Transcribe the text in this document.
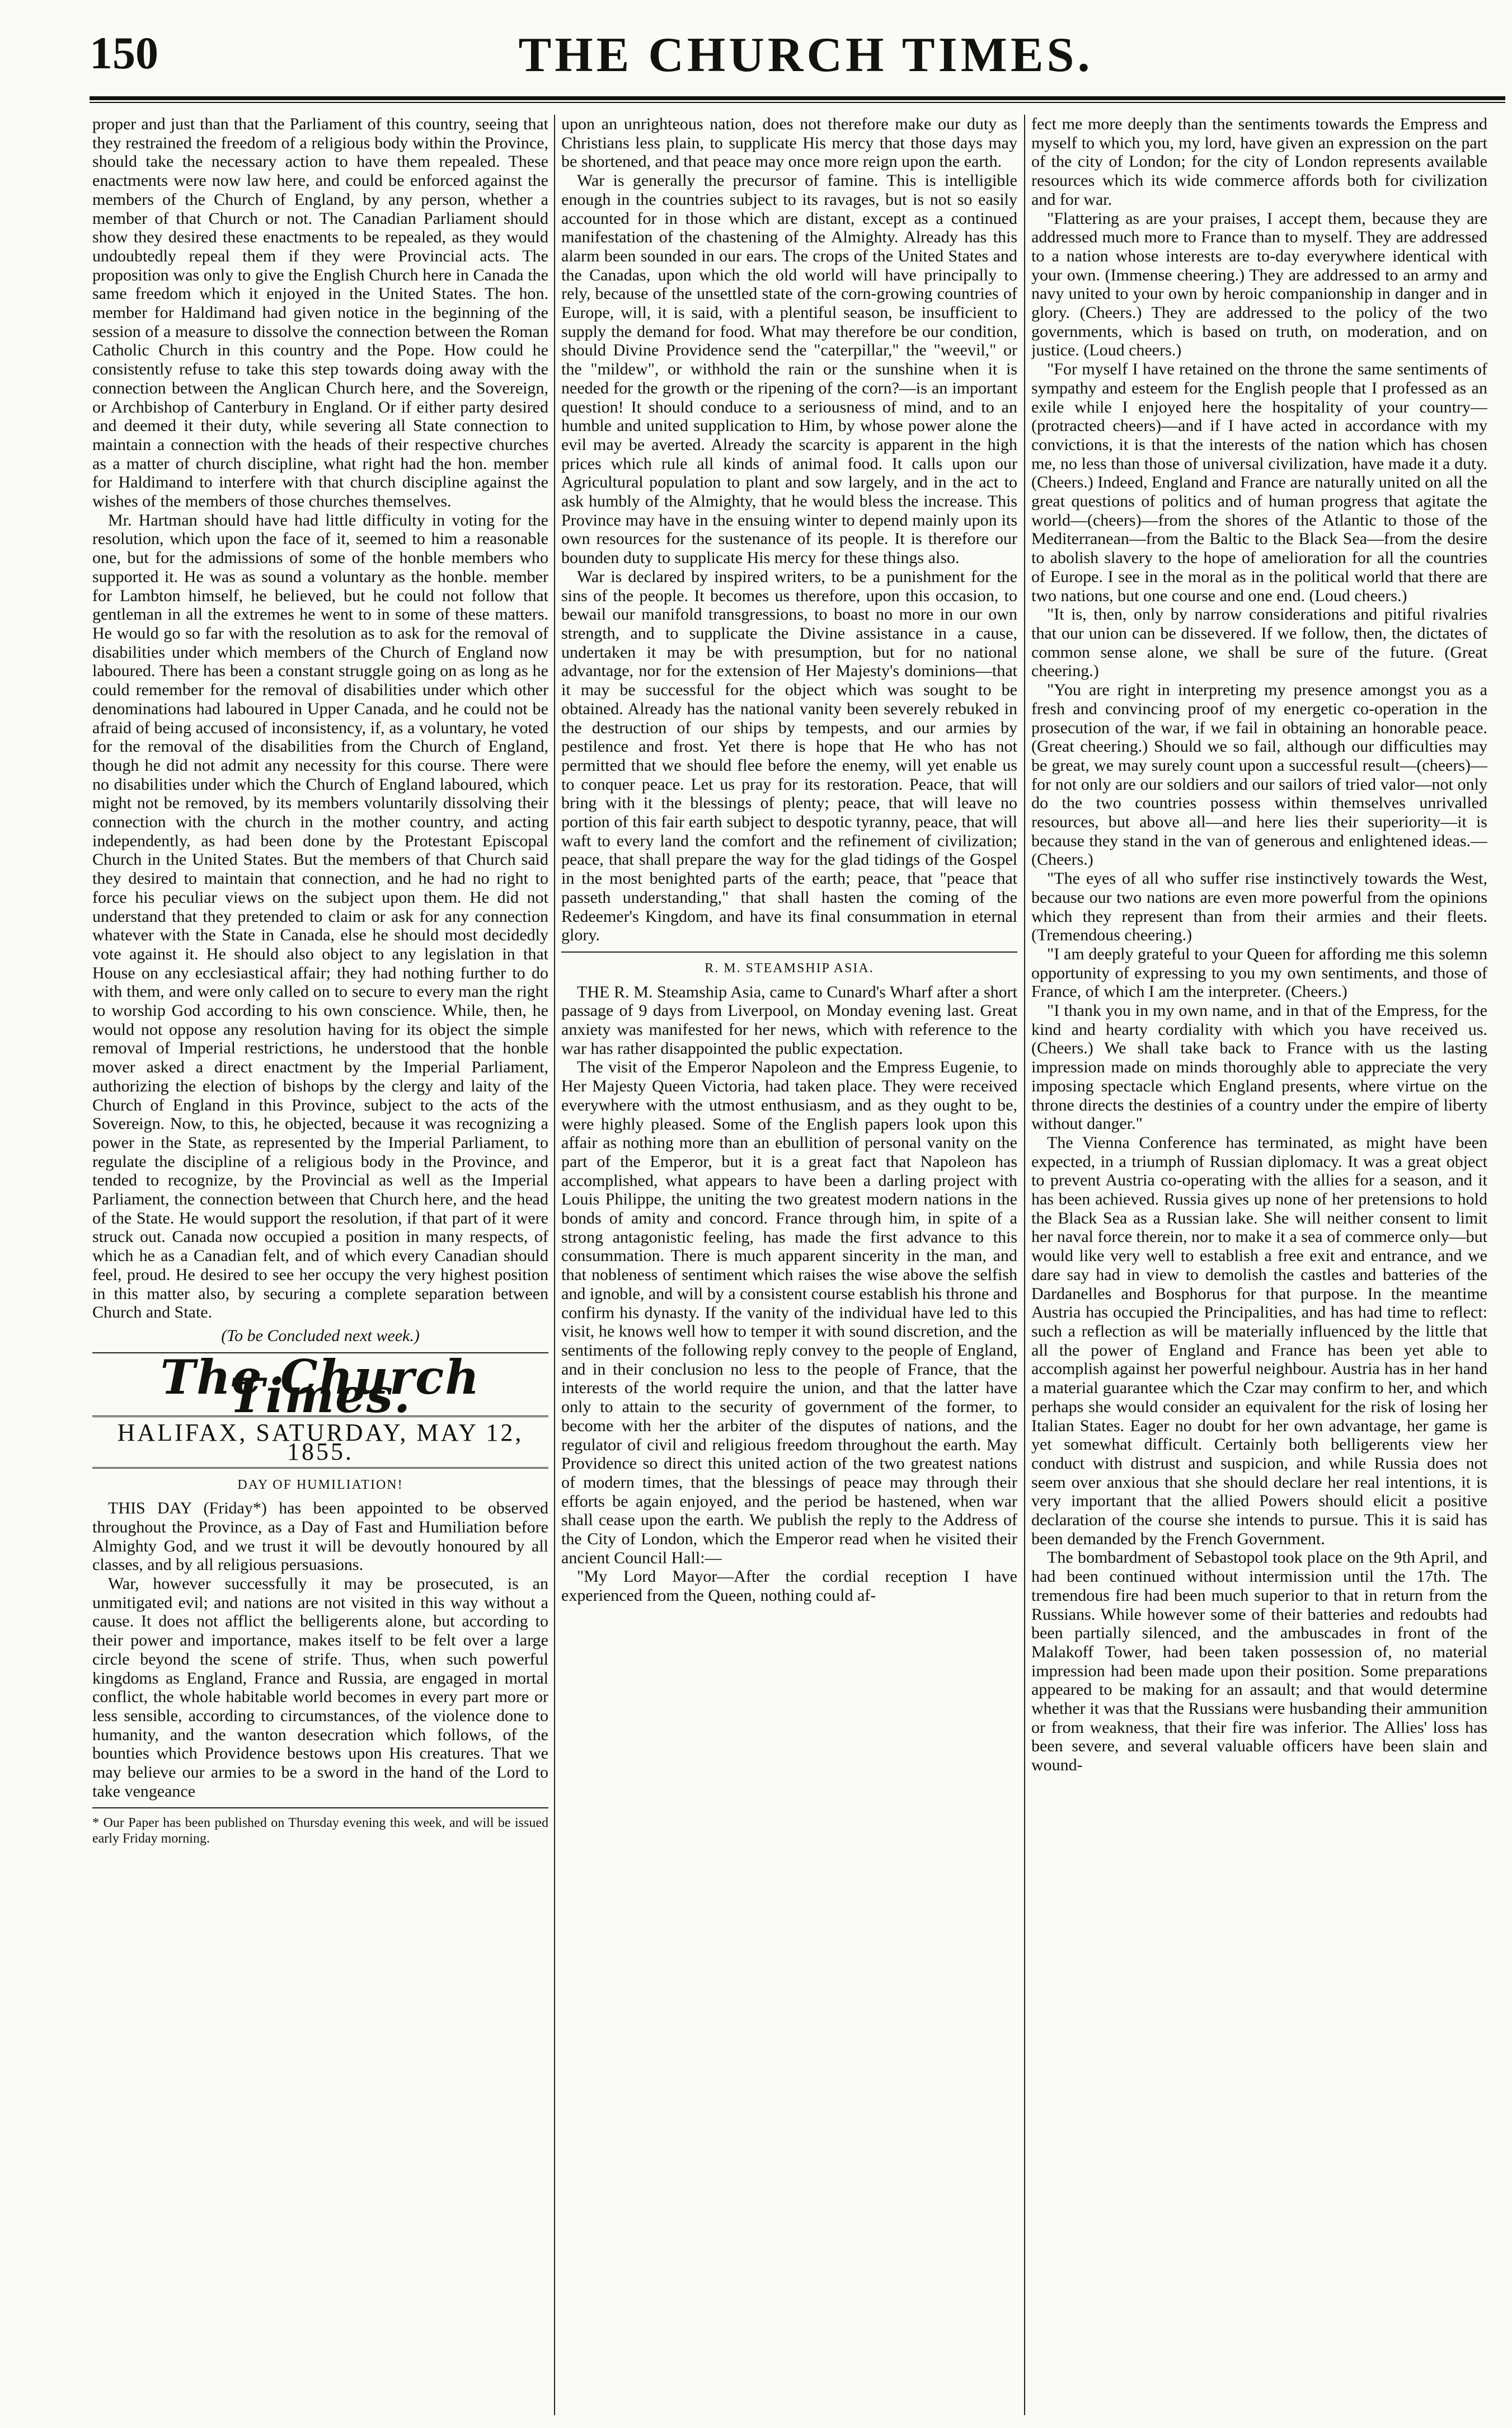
THE CHURCH TIMES.
150

proper and just than that the Parliament of this country, seeing that they restrained the freedom of a religious body within the Province, should take the necessary action to have them repealed. These enactments were now law here, and could be enforced against the members of the Church of England, by any person, whether a member of that Church or not. The Canadian Parliament should show they desired these enactments to be repealed, as they would undoubtedly repeal them if they were Provincial acts. The proposition was only to give the English Church here in Canada the same freedom which it enjoyed in the United States. The hon. member for Haldimand had given notice in the beginning of the session of a measure to dissolve the connection between the Roman Catholic Church in this country and the Pope. How could he consistently refuse to take this step towards doing away with the connection between the Anglican Church here, and the Sovereign, or Archbishop of Canterbury in England. Or if either party desired and deemed it their duty, while severing all State connection to maintain a connection with the heads of their respective churches as a matter of church discipline, what right had the hon. member for Haldimand to interfere with that church discipline against the wishes of the members of those churches themselves.

Mr. Hartman should have had little difficulty in voting for the resolution, which upon the face of it, seemed to him a reasonable one, but for the admissions of some of the honble members who supported it. He was as sound a voluntary as the honble. member for Lambton himself, he believed, but he could not follow that gentleman in all the extremes he went to in some of these matters. He would go so far with the resolution as to ask for the removal of disabilities under which members of the Church of England now laboured. There has been a constant struggle going on as long as he could remember for the removal of disabilities under which other denominations had laboured in Upper Canada, and he could not be afraid of being accused of inconsistency, if, as a voluntary, he voted for the removal of the disabilities from the Church of England, though he did not admit any necessity for this course. There were no disabilities under which the Church of England laboured, which might not be removed, by its members voluntarily dissolving their connection with the church in the mother country, and acting independently, as had been done by the Protestant Episcopal Church in the United States. But the members of that Church said they desired to maintain that connection, and he had no right to force his peculiar views on the subject upon them. He did not understand that they pretended to claim or ask for any connection whatever with the State in Canada, else he should most decidedly vote against it. He should also object to any legislation in that House on any ecclesiastical affair; they had nothing further to do with them, and were only called on to secure to every man the right to worship God according to his own conscience. While, then, he would not oppose any resolution having for its object the simple removal of Imperial restrictions, he understood that the honble mover asked a direct enactment by the Imperial Parliament, authorizing the election of bishops by the clergy and laity of the Church of England in this Province, subject to the acts of the Sovereign. Now, to this, he objected, because it was recognizing a power in the State, as represented by the Imperial Parliament, to regulate the discipline of a religious body in the Province, and tended to recognize, by the Provincial as well as the Imperial Parliament, the connection between that Church here, and the head of the State. He would support the resolution, if that part of it were struck out. Canada now occupied a position in many respects, of which he as a Canadian felt, and of which every Canadian should feel, proud. He desired to see her occupy the very highest position in this matter also, by securing a complete separation between Church and State.

(To be Concluded next week.)
The Church Times.
HALIFAX, SATURDAY, MAY 12, 1855.
DAY OF HUMILIATION!

THIS DAY (Friday*) has been appointed to be observed throughout the Province, as a Day of Fast and Humiliation before Almighty God, and we trust it will be devoutly honoured by all classes, and by all religious persuasions.

War, however successfully it may be prosecuted, is an unmitigated evil; and nations are not visited in this way without a cause. It does not afflict the belligerents alone, but according to their power and importance, makes itself to be felt over a large circle beyond the scene of strife. Thus, when such powerful kingdoms as England, France and Russia, are engaged in mortal conflict, the whole habitable world becomes in every part more or less sensible, according to circumstances, of the violence done to humanity, and the wanton desecration which follows, of the bounties which Providence bestows upon His creatures. That we may believe our armies to be a sword in the hand of the Lord to take vengeance

* Our Paper has been published on Thursday evening this week, and will be issued early Friday morning.

upon an unrighteous nation, does not therefore make our duty as Christians less plain, to supplicate His mercy that those days may be shortened, and that peace may once more reign upon the earth.

War is generally the precursor of famine. This is intelligible enough in the countries subject to its ravages, but is not so easily accounted for in those which are distant, except as a continued manifestation of the chastening of the Almighty. Already has this alarm been sounded in our ears. The crops of the United States and the Canadas, upon which the old world will have principally to rely, because of the unsettled state of the corn-growing countries of Europe, will, it is said, with a plentiful season, be insufficient to supply the demand for food. What may therefore be our condition, should Divine Providence send the "caterpillar," the "weevil," or the "mildew", or withhold the rain or the sunshine when it is needed for the growth or the ripening of the corn?—is an important question! It should conduce to a seriousness of mind, and to an humble and united supplication to Him, by whose power alone the evil may be averted. Already the scarcity is apparent in the high prices which rule all kinds of animal food. It calls upon our Agricultural population to plant and sow largely, and in the act to ask humbly of the Almighty, that he would bless the increase. This Province may have in the ensuing winter to depend mainly upon its own resources for the sustenance of its people. It is therefore our bounden duty to supplicate His mercy for these things also.

War is declared by inspired writers, to be a punishment for the sins of the people. It becomes us therefore, upon this occasion, to bewail our manifold transgressions, to boast no more in our own strength, and to supplicate the Divine assistance in a cause, undertaken it may be with presumption, but for no national advantage, nor for the extension of Her Majesty's dominions—that it may be successful for the object which was sought to be obtained. Already has the national vanity been severely rebuked in the destruction of our ships by tempests, and our armies by pestilence and frost. Yet there is hope that He who has not permitted that we should flee before the enemy, will yet enable us to conquer peace. Let us pray for its restoration. Peace, that will bring with it the blessings of plenty; peace, that will leave no portion of this fair earth subject to despotic tyranny, peace, that will waft to every land the comfort and the refinement of civilization; peace, that shall prepare the way for the glad tidings of the Gospel in the most benighted parts of the earth; peace, that "peace that passeth understanding," that shall hasten the coming of the Redeemer's Kingdom, and have its final consummation in eternal glory.

R. M. STEAMSHIP ASIA.

THE R. M. Steamship Asia, came to Cunard's Wharf after a short passage of 9 days from Liverpool, on Monday evening last. Great anxiety was manifested for her news, which with reference to the war has rather disappointed the public expectation.

The visit of the Emperor Napoleon and the Empress Eugenie, to Her Majesty Queen Victoria, had taken place. They were received everywhere with the utmost enthusiasm, and as they ought to be, were highly pleased. Some of the English papers look upon this affair as nothing more than an ebullition of personal vanity on the part of the Emperor, but it is a great fact that Napoleon has accomplished, what appears to have been a darling project with Louis Philippe, the uniting the two greatest modern nations in the bonds of amity and concord. France through him, in spite of a strong antagonistic feeling, has made the first advance to this consummation. There is much apparent sincerity in the man, and that nobleness of sentiment which raises the wise above the selfish and ignoble, and will by a consistent course establish his throne and confirm his dynasty. If the vanity of the individual have led to this visit, he knows well how to temper it with sound discretion, and the sentiments of the following reply convey to the people of England, and in their conclusion no less to the people of France, that the interests of the world require the union, and that the latter have only to attain to the security of government of the former, to become with her the arbiter of the disputes of nations, and the regulator of civil and religious freedom throughout the earth. May Providence so direct this united action of the two greatest nations of modern times, that the blessings of peace may through their efforts be again enjoyed, and the period be hastened, when war shall cease upon the earth. We publish the reply to the Address of the City of London, which the Emperor read when he visited their ancient Council Hall:—

"My Lord Mayor—After the cordial reception I have experienced from the Queen, nothing could af-

fect me more deeply than the sentiments towards the Empress and myself to which you, my lord, have given an expression on the part of the city of London; for the city of London represents available resources which its wide commerce affords both for civilization and for war.

"Flattering as are your praises, I accept them, because they are addressed much more to France than to myself. They are addressed to a nation whose interests are to-day everywhere identical with your own. (Immense cheering.) They are addressed to an army and navy united to your own by heroic companionship in danger and in glory. (Cheers.) They are addressed to the policy of the two governments, which is based on truth, on moderation, and on justice. (Loud cheers.)

"For myself I have retained on the throne the same sentiments of sympathy and esteem for the English people that I professed as an exile while I enjoyed here the hospitality of your country—(protracted cheers)—and if I have acted in accordance with my convictions, it is that the interests of the nation which has chosen me, no less than those of universal civilization, have made it a duty. (Cheers.) Indeed, England and France are naturally united on all the great questions of politics and of human progress that agitate the world—(cheers)—from the shores of the Atlantic to those of the Mediterranean—from the Baltic to the Black Sea—from the desire to abolish slavery to the hope of amelioration for all the countries of Europe. I see in the moral as in the political world that there are two nations, but one course and one end. (Loud cheers.)

"It is, then, only by narrow considerations and pitiful rivalries that our union can be dissevered. If we follow, then, the dictates of common sense alone, we shall be sure of the future. (Great cheering.)

"You are right in interpreting my presence amongst you as a fresh and convincing proof of my energetic co-operation in the prosecution of the war, if we fail in obtaining an honorable peace. (Great cheering.) Should we so fail, although our difficulties may be great, we may surely count upon a successful result—(cheers)—for not only are our soldiers and our sailors of tried valor—not only do the two countries possess within themselves unrivalled resources, but above all—and here lies their superiority—it is because they stand in the van of generous and enlightened ideas.—(Cheers.)

"The eyes of all who suffer rise instinctively towards the West, because our two nations are even more powerful from the opinions which they represent than from their armies and their fleets. (Tremendous cheering.)

"I am deeply grateful to your Queen for affording me this solemn opportunity of expressing to you my own sentiments, and those of France, of which I am the interpreter. (Cheers.)

"I thank you in my own name, and in that of the Empress, for the kind and hearty cordiality with which you have received us. (Cheers.) We shall take back to France with us the lasting impression made on minds thoroughly able to appreciate the very imposing spectacle which England presents, where virtue on the throne directs the destinies of a country under the empire of liberty without danger."

The Vienna Conference has terminated, as might have been expected, in a triumph of Russian diplomacy. It was a great object to prevent Austria co-operating with the allies for a season, and it has been achieved. Russia gives up none of her pretensions to hold the Black Sea as a Russian lake. She will neither consent to limit her naval force therein, nor to make it a sea of commerce only—but would like very well to establish a free exit and entrance, and we dare say had in view to demolish the castles and batteries of the Dardanelles and Bosphorus for that purpose. In the meantime Austria has occupied the Principalities, and has had time to reflect: such a reflection as will be materially influenced by the little that all the power of England and France has been yet able to accomplish against her powerful neighbour. Austria has in her hand a material guarantee which the Czar may confirm to her, and which perhaps she would consider an equivalent for the risk of losing her Italian States. Eager no doubt for her own advantage, her game is yet somewhat difficult. Certainly both belligerents view her conduct with distrust and suspicion, and while Russia does not seem over anxious that she should declare her real intentions, it is very important that the allied Powers should elicit a positive declaration of the course she intends to pursue. This it is said has been demanded by the French Government.

The bombardment of Sebastopol took place on the 9th April, and had been continued without intermission until the 17th. The tremendous fire had been much superior to that in return from the Russians. While however some of their batteries and redoubts had been partially silenced, and the ambuscades in front of the Malakoff Tower, had been taken possession of, no material impression had been made upon their position. Some preparations appeared to be making for an assault; and that would determine whether it was that the Russians were husbanding their ammunition or from weakness, that their fire was inferior. The Allies' loss has been severe, and several valuable officers have been slain and wound-
